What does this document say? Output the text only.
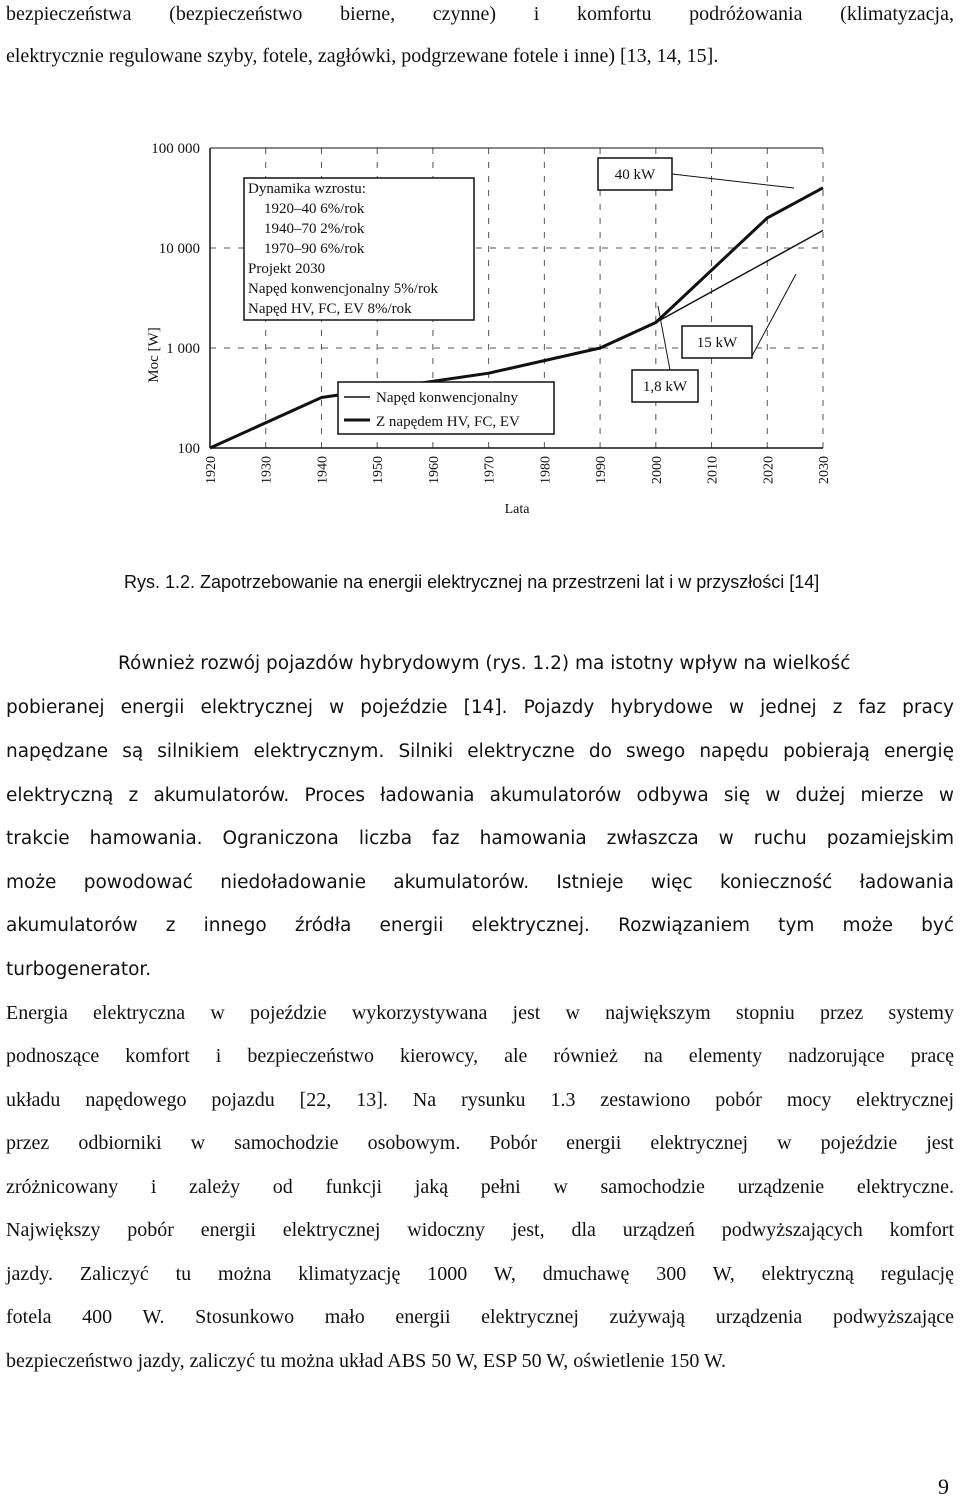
bezpieczeństwa (bezpieczeństwo bierne, czynne) i komfortu podróżowania (klimatyzacja,
elektrycznie regulowane szyby, fotele, zagłówki, podgrzewane fotele i inne) [13, 14, 15].
Moc [W]
100 000
10 000
1 000
100
1920	1930	1940	1950	1960	1970	1980	1990	2000	2010	2020	2030
Lata
Dynamika wzrostu:
1920–40 6%/rok
1940–70 2%/rok
1970–90 6%/rok
Projekt 2030
Napęd konwencjonalny 5%/rok
Napęd HV, FC, EV 8%/rok
Napęd konwencjonalny
Z napędem HV, FC, EV
40 kW
15 kW
1,8 kW
Rys. 1.2. Zapotrzebowanie na energii elektrycznej na przestrzeni lat i w przyszłości [14]
Również rozwój pojazdów hybrydowym (rys. 1.2) ma istotny wpływ na wielkość
pobieranej energii elektrycznej w pojeździe [14]. Pojazdy hybrydowe w jednej z faz pracy
napędzane są silnikiem elektrycznym. Silniki elektryczne do swego napędu pobierają energię
elektryczną z akumulatorów. Proces ładowania akumulatorów odbywa się w dużej mierze w
trakcie hamowania. Ograniczona liczba faz hamowania zwłaszcza w ruchu pozamiejskim
może powodować niedoładowanie akumulatorów. Istnieje więc konieczność ładowania
akumulatorów z innego źródła energii elektrycznej. Rozwiązaniem tym może być
turbogenerator.
Energia elektryczna w pojeździe wykorzystywana jest w największym stopniu przez systemy
podnoszące komfort i bezpieczeństwo kierowcy, ale również na elementy nadzorujące pracę
układu napędowego pojazdu [22, 13]. Na rysunku 1.3 zestawiono pobór mocy elektrycznej
przez odbiorniki w samochodzie osobowym. Pobór energii elektrycznej w pojeździe jest
zróżnicowany i zależy od funkcji jaką pełni w samochodzie urządzenie elektryczne.
Największy pobór energii elektrycznej widoczny jest, dla urządzeń podwyższających komfort
jazdy. Zaliczyć tu można klimatyzację 1000 W, dmuchawę 300 W, elektryczną regulację
fotela 400 W. Stosunkowo mało energii elektrycznej zużywają urządzenia podwyższające
bezpieczeństwo jazdy, zaliczyć tu można układ ABS 50 W, ESP 50 W, oświetlenie 150 W.
9
